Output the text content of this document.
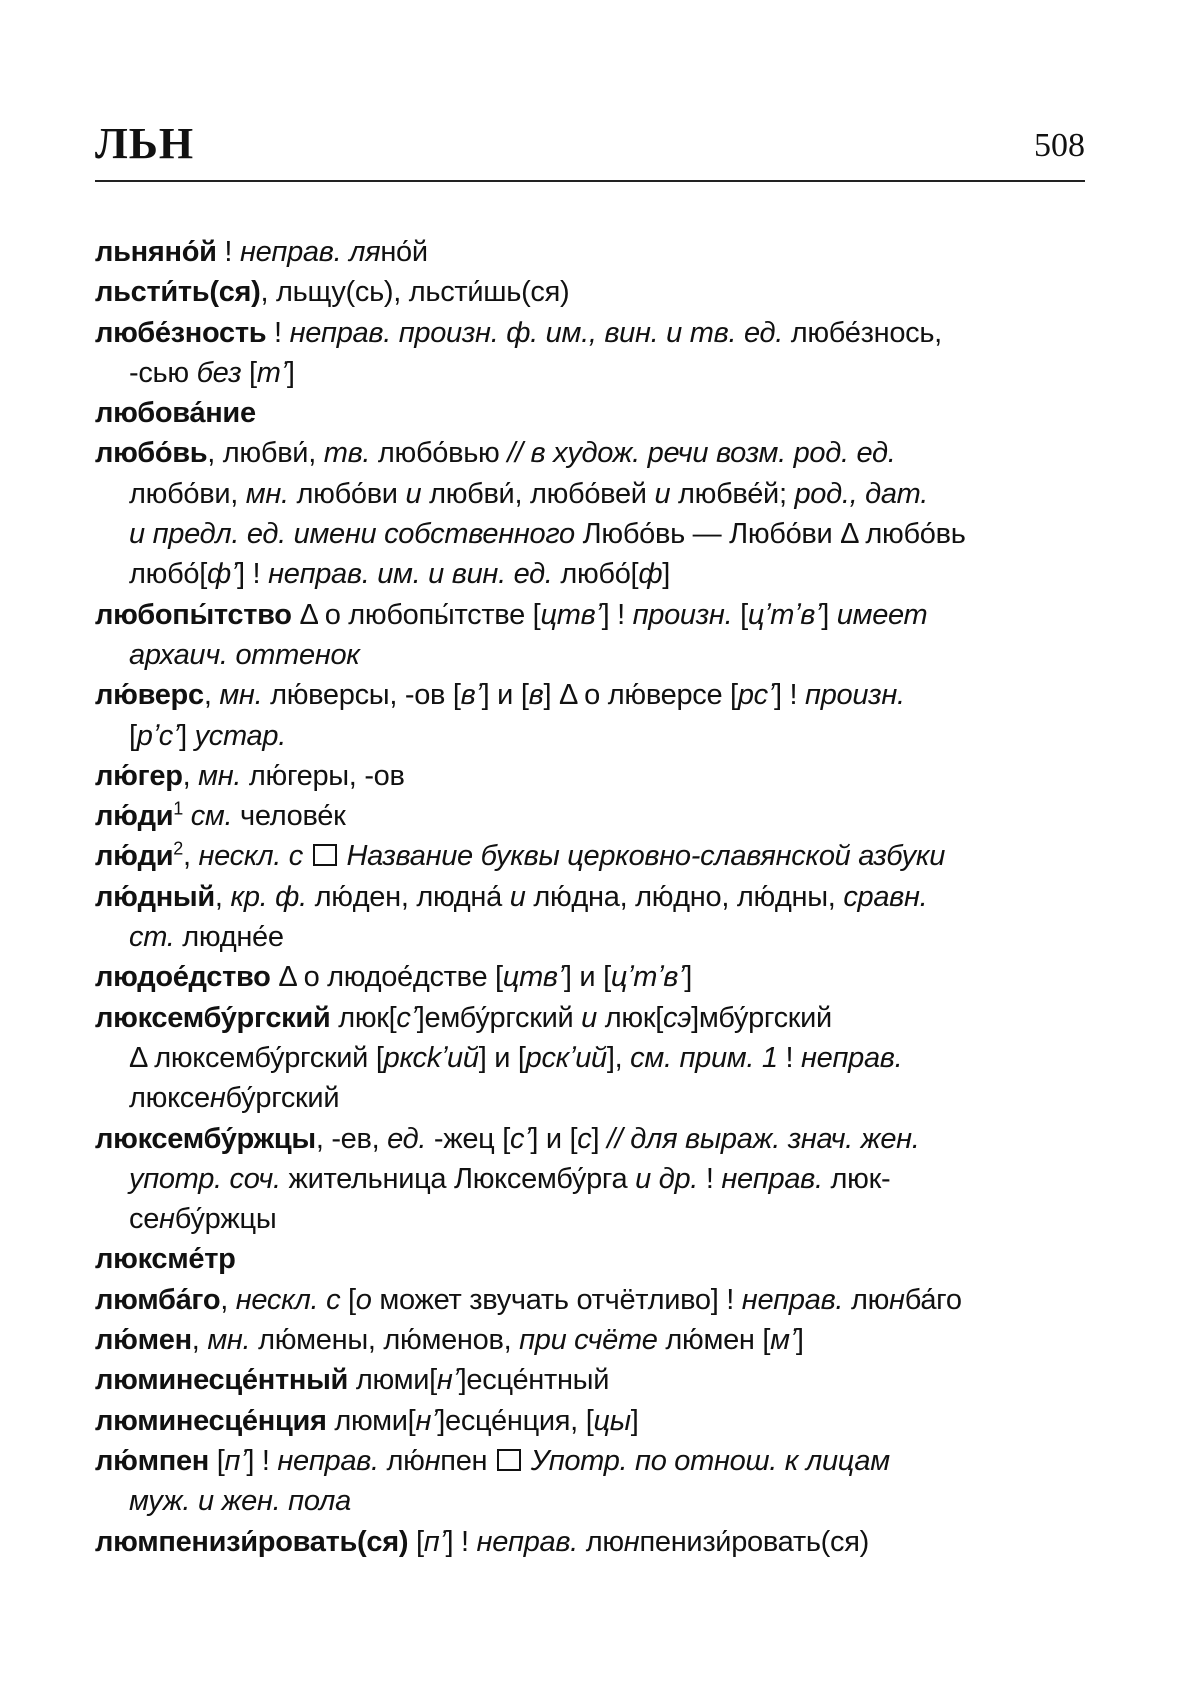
ЛЬН	508
льняно́й ! неправ. ляно́й
льсти́ть(ся), льщу(сь), льсти́шь(ся)
любе́зность ! неправ. произн. ф. им., вин. и тв. ед. любе́знось,
-сью без [тʼ]
любова́ние
любо́вь, любви́, тв. любо́вью // в худож. речи возм. род. ед.
любо́ви, мн. любо́ви и любви́, любо́вей и любве́й; род., дат.
и предл. ед. имени собственного Любо́вь — Любо́ви Δ любо́вь
любо́[фʼ] ! неправ. им. и вин. ед. любо́[ф]
любопы́тство Δ о любопы́тстве [цтвʼ] ! произн. [цʼтʼвʼ] имеет
архаич. оттенок
лю́верс, мн. лю́версы, -ов [вʼ] и [в] Δ о лю́версе [рсʼ] ! произн.
[рʼсʼ] устар.
лю́гер, мн. лю́геры, -ов
$лю́ди^1$ см. челове́к
$лю́ди^2$, нескл. с Название буквы церковно-славянской азбуки
лю́дный, кр. ф. лю́ден, людна́ и лю́дна, лю́дно, лю́дны, сравн.
ст. людне́е
людое́дство Δ о людое́дстве [цтвʼ] и [цʼтʼвʼ]
люксембу́ргский люк[сʼ]ембу́ргский и люк[сэ]мбу́ргский
Δ люксембу́ргский [рксkʼий] и [рскʼий], см. прим. 1 ! неправ.
люксенбу́ргский
люксембу́ржцы, -ев, ед. -жец [сʼ] и [с] // для выраж. знач. жен.
употр. соч. жительница Люксембу́рга и др. ! неправ. люк-
сенбу́ржцы
люксме́тр
люмба́го, нескл. с [о может звучать отчётливо] ! неправ. люнба́го
лю́мен, мн. лю́мены, лю́менов, при счёте лю́мен [мʼ]
люминесце́нтный люми[нʼ]есце́нтный
люминесце́нция люми[нʼ]есце́нция, [цы]
лю́мпен [пʼ] ! неправ. лю́нпен  Употр. по отнош. к лицам
муж. и жен. пола
люмпенизи́ровать(ся) [пʼ] ! неправ. люнпенизи́ровать(ся)
